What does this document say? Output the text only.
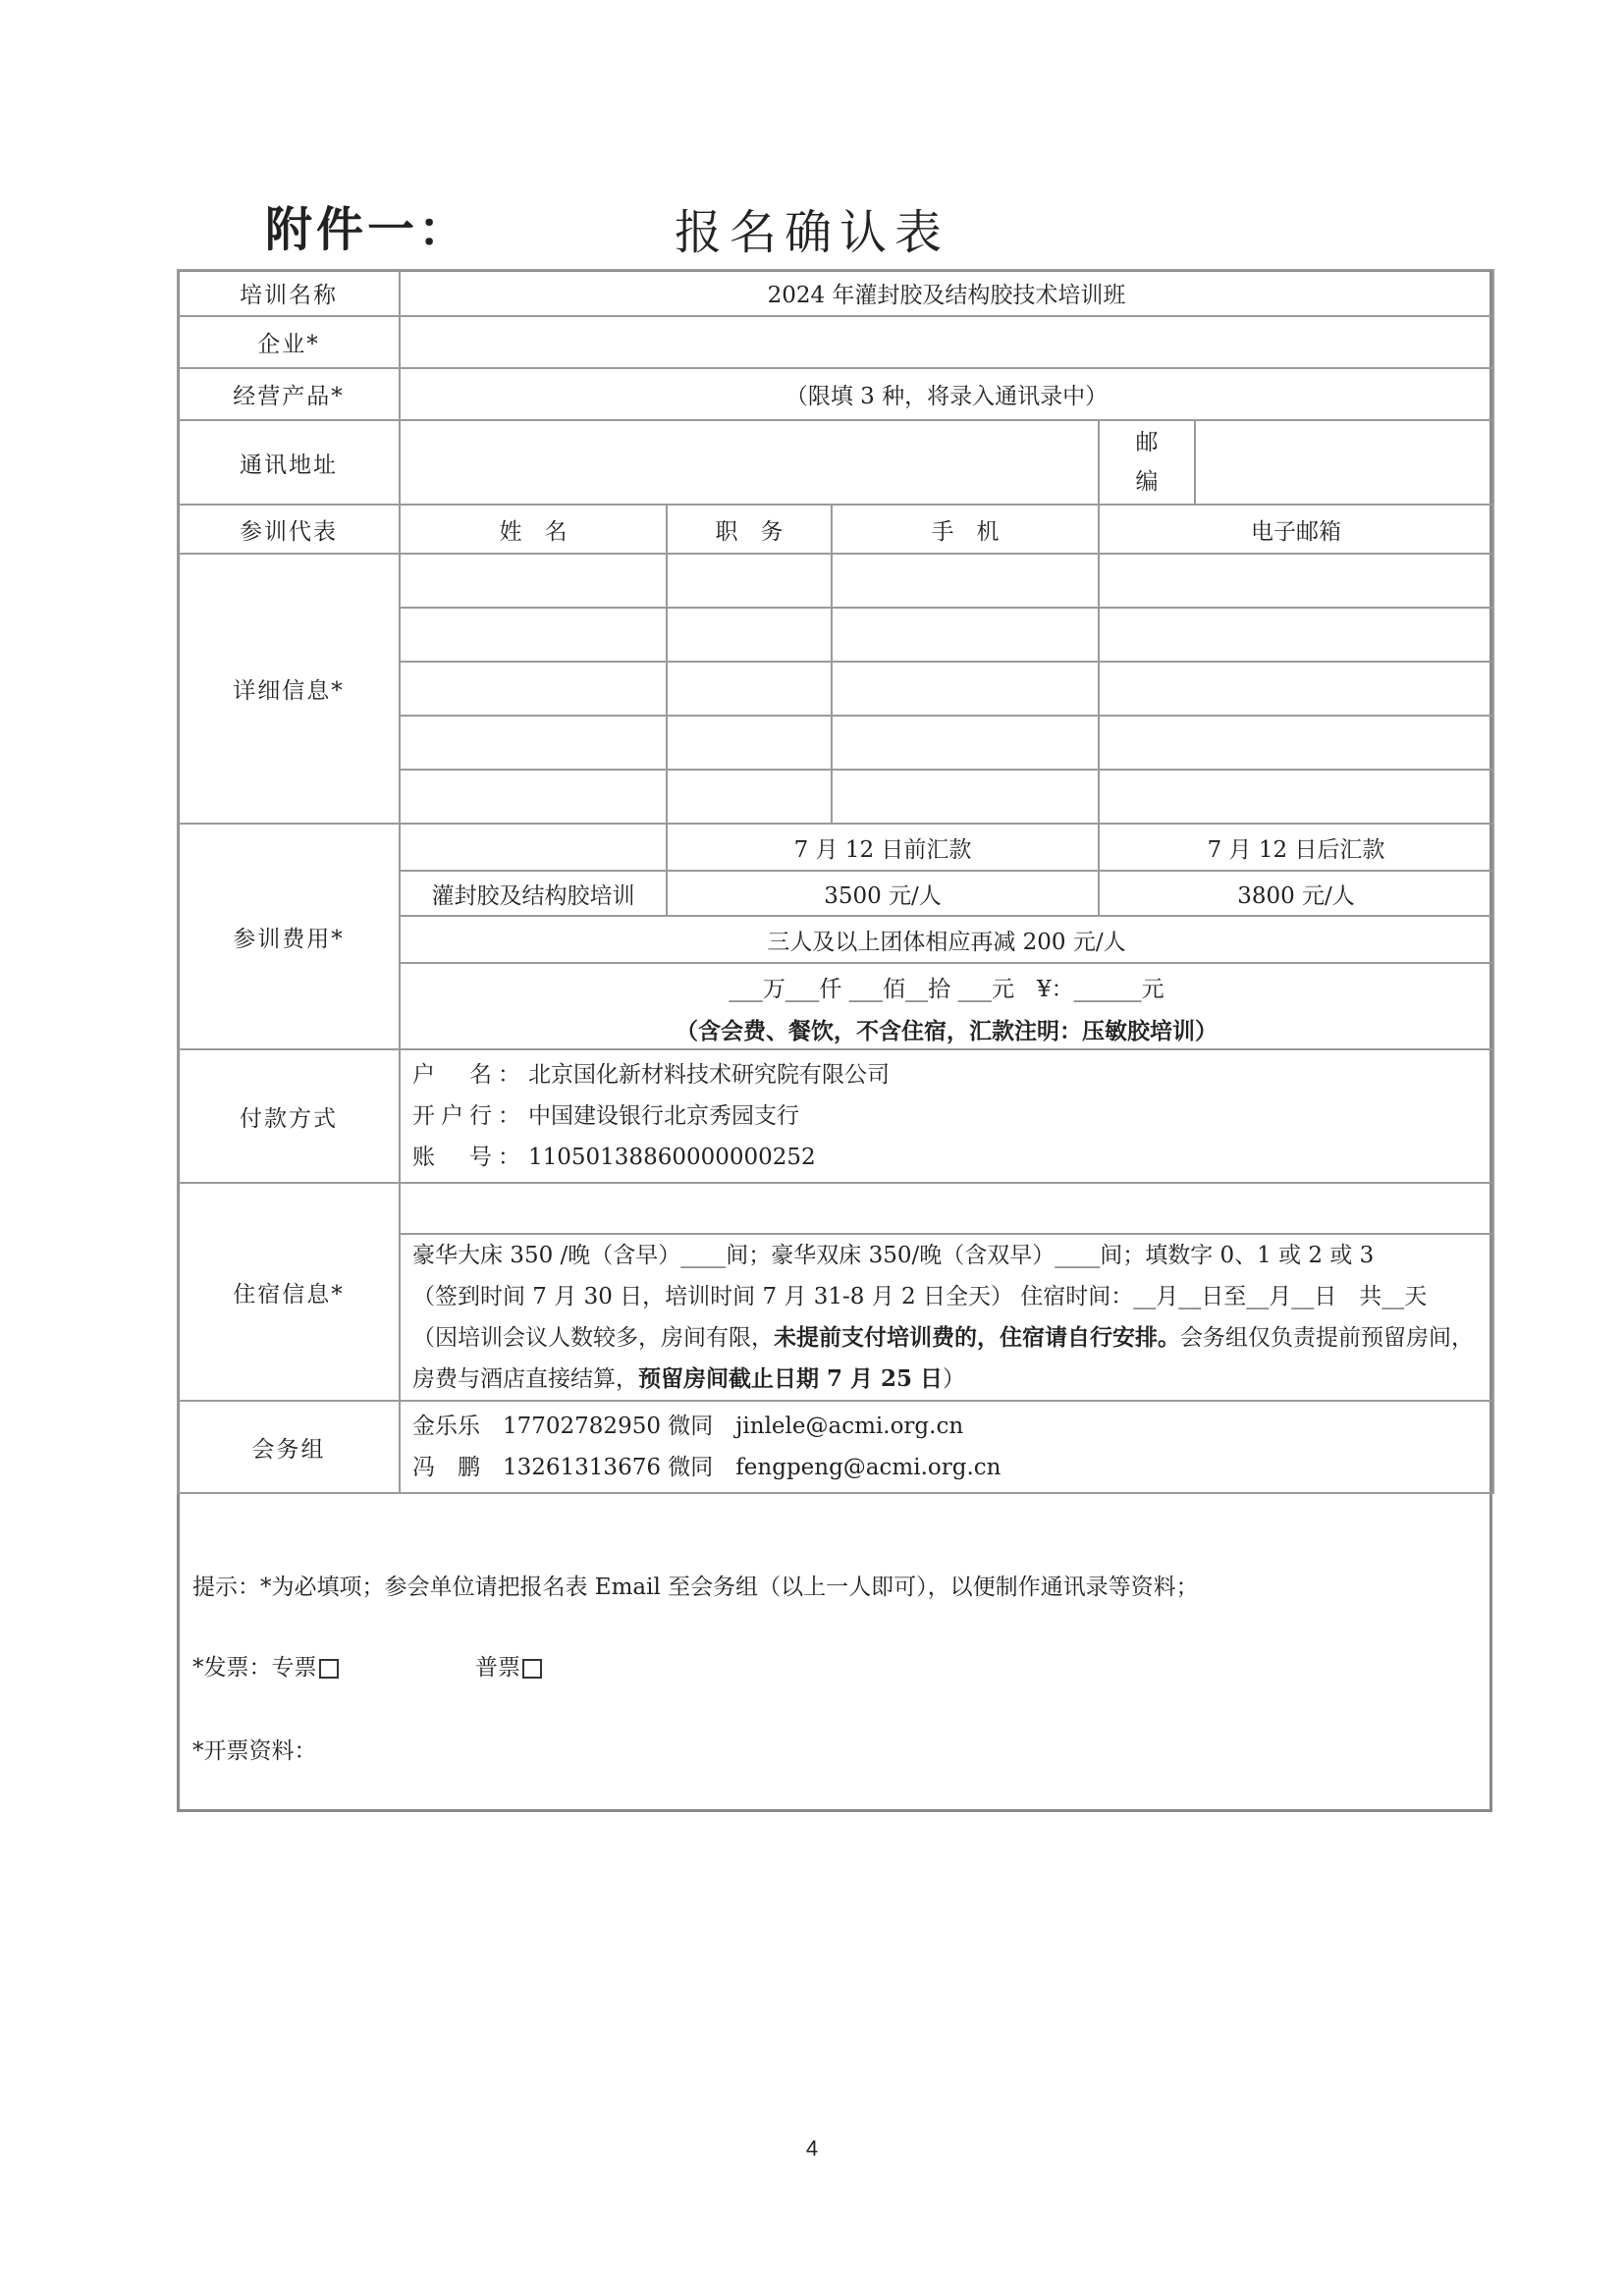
附件一：	报名确认表
培训名称	2024 年灌封胶及结构胶技术培训班				
企业*					
经营产品*	（限填 3 种，将录入通讯录中）				
通讯地址				邮
编	

参训代表	姓　名	职　务	手　机	电子邮箱	
详细信息*					

参训费用*		7 月 12 日前汇款		7 月 12 日后汇款	
	灌封胶及结构胶培训	3500 元/人		3800 元/人	
	三人及以上团体相应再减 200 元/人				
	___万___仟 ___佰__拾 ___元　¥：______元				
	（含会费、餐饮，不含住宿，汇款注明：压敏胶培训）				
付款方式	户　名：北京国化新材料技术研究院有限公司
开户行：中国建设银行北京秀园支行
账　号：11050138860000000252				

住宿信息*					

	豪华大床 350 /晚（含早）____间；豪华双床 350/晚（含双早）____间；填数字 0、1 或 2 或 3
（签到时间 7 月 30 日，培训时间 7 月 31-8 月 2 日全天） 住宿时间：__月__日至__月__日　共__天
（因培训会议人数较多，房间有限，未提前支付培训费的，住宿请自行安排。会务组仅负责提前预留房间，房费与酒店直接结算，预留房间截止日期 7 月 25 日）				

会务组	金乐乐　17702782950 微同　jinlele@acmi.org.cn
冯　鹏　13261313676 微同　fengpeng@acmi.org.cn				
提示：*为必填项；参会单位请把报名表 Email 至会务组（以上一人即可），以便制作通讯录等资料；
*发票：专票	普票
*开票资料：
4
